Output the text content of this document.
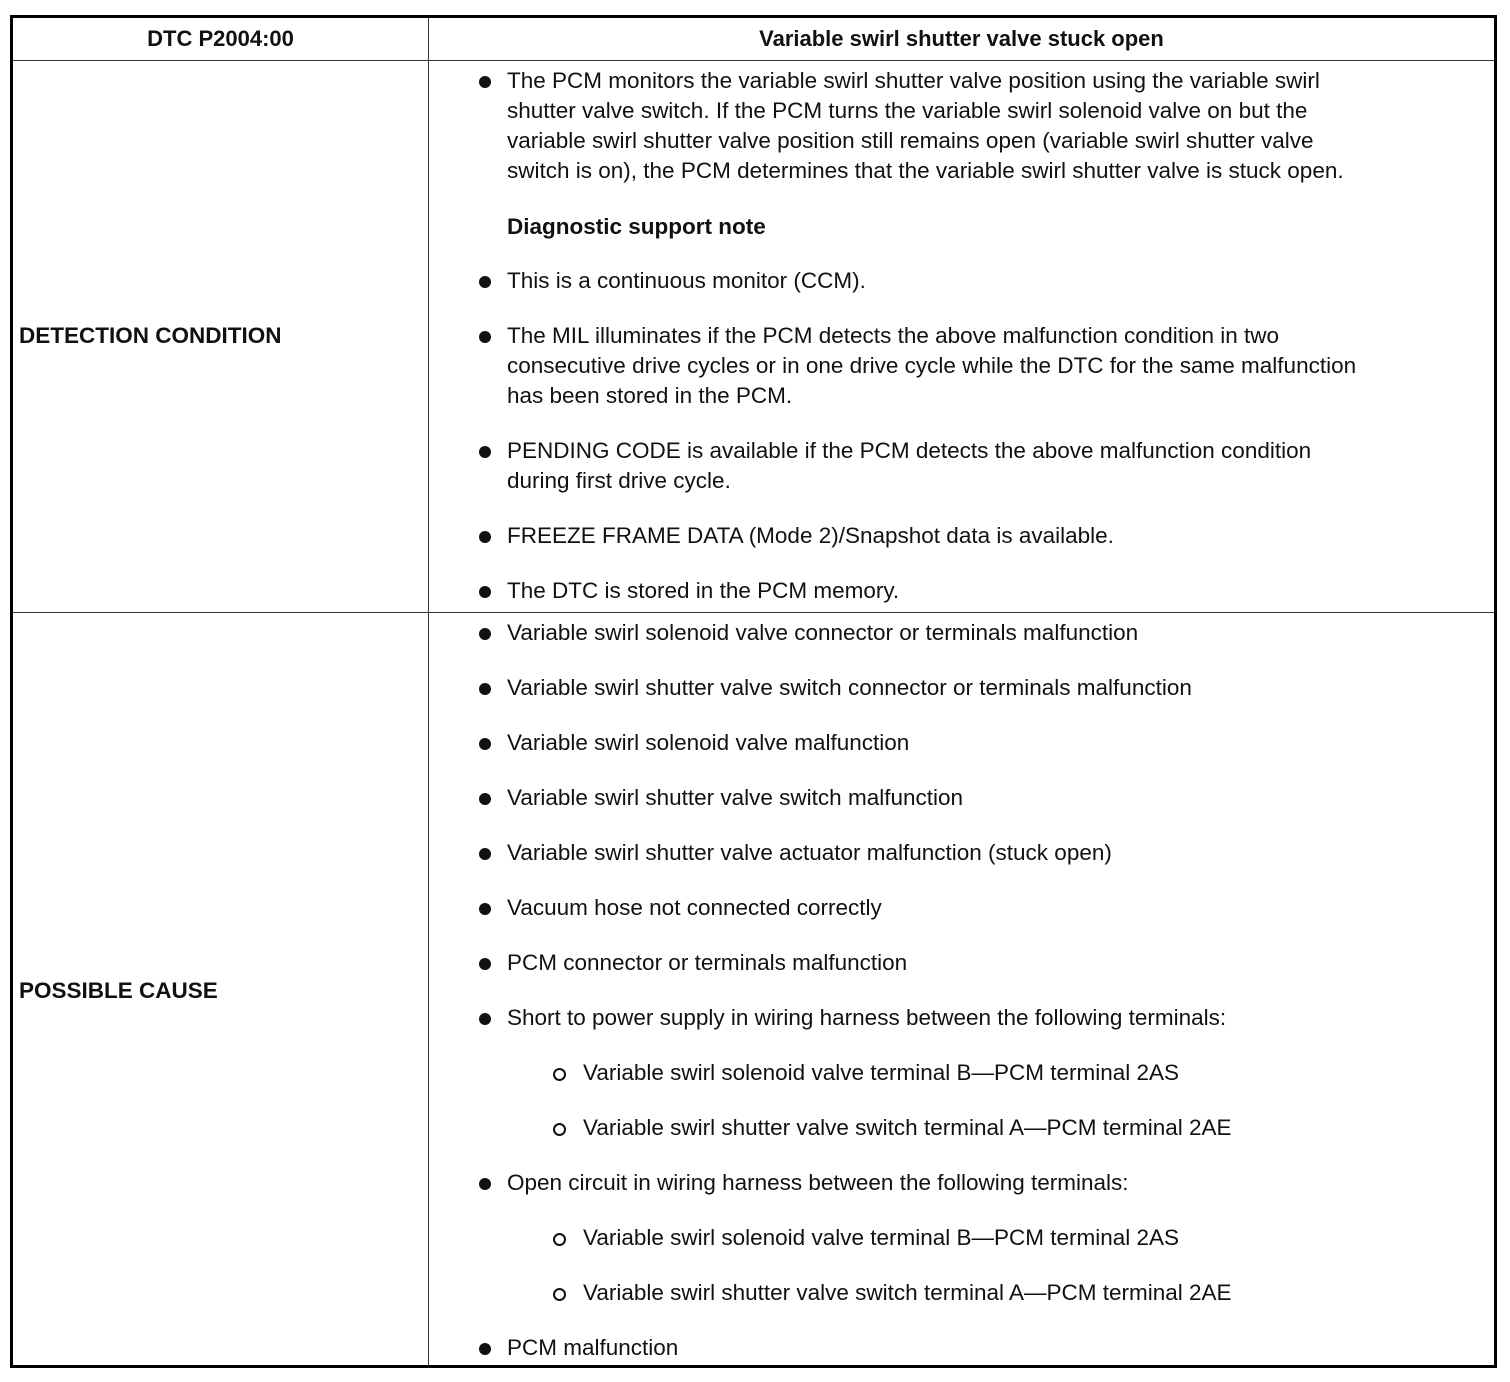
DTC P2004:00	Variable swirl shutter valve stuck open
DETECTION CONDITION
The PCM monitors the variable swirl shutter valve position using the variable swirl
shutter valve switch. If the PCM turns the variable swirl solenoid valve on but the
variable swirl shutter valve position still remains open (variable swirl shutter valve
switch is on), the PCM determines that the variable swirl shutter valve is stuck open.
Diagnostic support note
This is a continuous monitor (CCM).
The MIL illuminates if the PCM detects the above malfunction condition in two
consecutive drive cycles or in one drive cycle while the DTC for the same malfunction
has been stored in the PCM.
PENDING CODE is available if the PCM detects the above malfunction condition
during first drive cycle.
FREEZE FRAME DATA (Mode 2)/Snapshot data is available.
The DTC is stored in the PCM memory.
POSSIBLE CAUSE
Variable swirl solenoid valve connector or terminals malfunction
Variable swirl shutter valve switch connector or terminals malfunction
Variable swirl solenoid valve malfunction
Variable swirl shutter valve switch malfunction
Variable swirl shutter valve actuator malfunction (stuck open)
Vacuum hose not connected correctly
PCM connector or terminals malfunction
Short to power supply in wiring harness between the following terminals:
Variable swirl solenoid valve terminal B—PCM terminal 2AS
Variable swirl shutter valve switch terminal A—PCM terminal 2AE
Open circuit in wiring harness between the following terminals:
Variable swirl solenoid valve terminal B—PCM terminal 2AS
Variable swirl shutter valve switch terminal A—PCM terminal 2AE
PCM malfunction
